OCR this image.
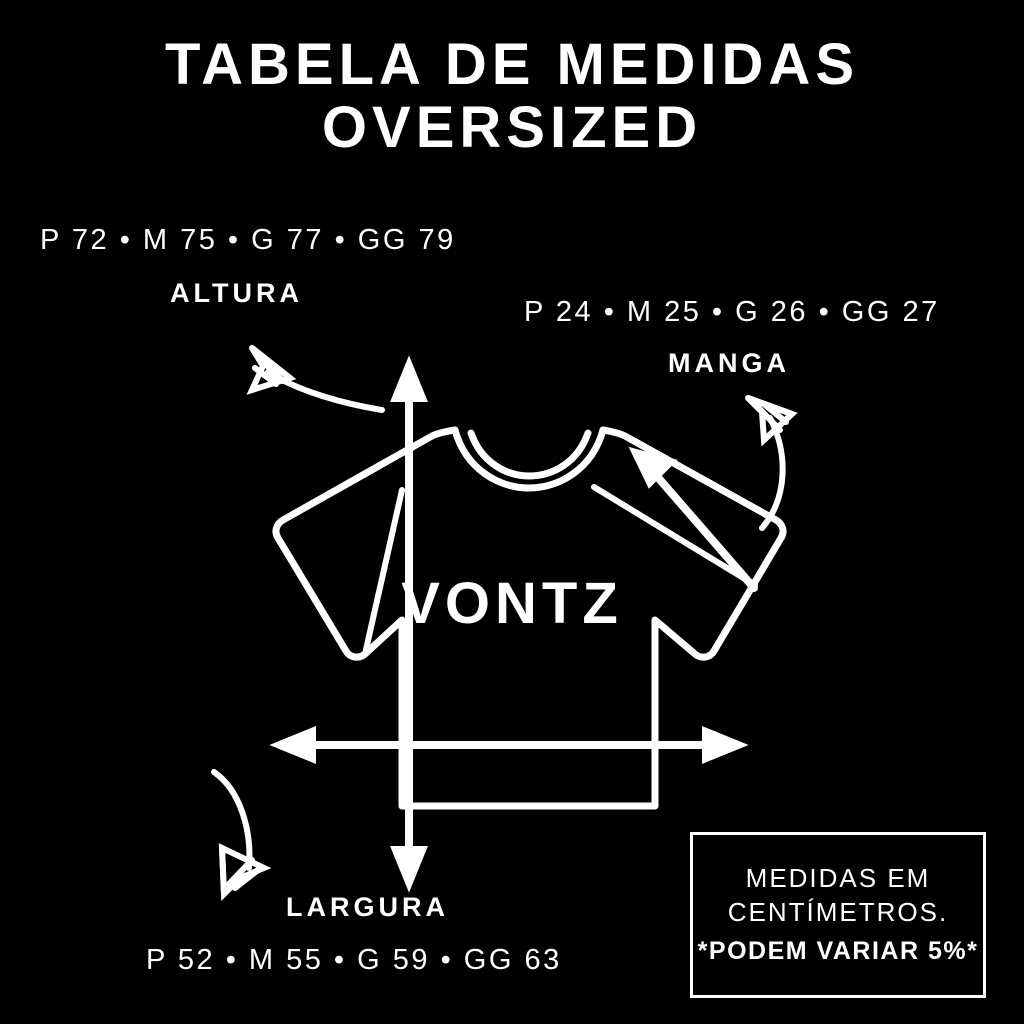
TABELA DE MEDIDAS
OVERSIZED
P 72 • M 75 • G 77 • GG 79
ALTURA
P 24 • M 25 • G 26 • GG 27
MANGA
LARGURA
P 52 • M 55 • G 59 • GG 63
VONTZ
MEDIDAS EM
CENTÍMETROS.
*PODEM VARIAR 5%*
